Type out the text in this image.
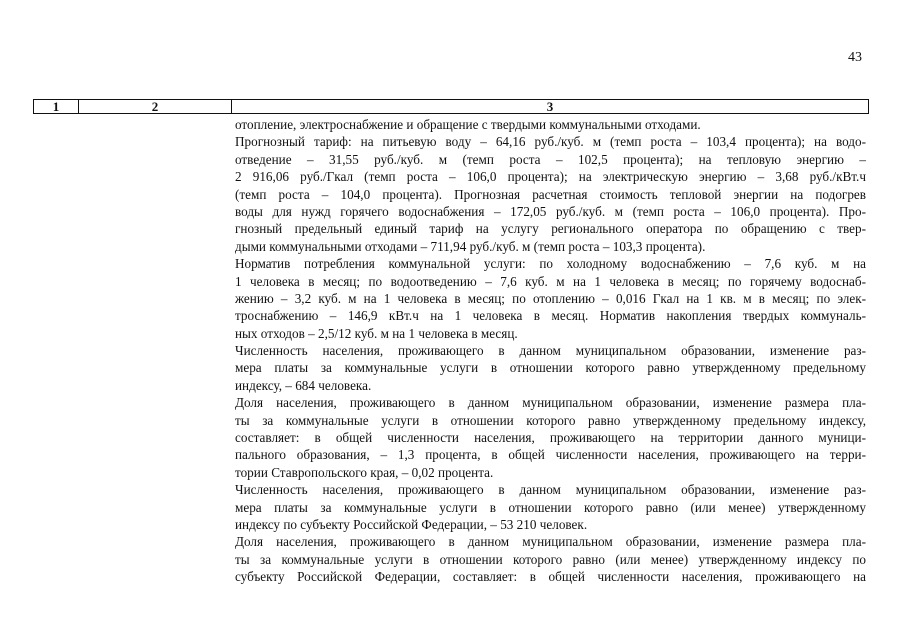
43
1	2	3
отопление, электроснабжение и обращение с твердыми коммунальными отходами.
Прогнозный тариф: на питьевую воду – 64,16 руб./куб. м (темп роста – 103,4 процента); на водо-
отведение – 31,55 руб./куб. м (темп роста – 102,5 процента); на тепловую энергию –
2 916,06 руб./Гкал (темп роста – 106,0 процента); на электрическую энергию – 3,68 руб./кВт.ч
(темп роста – 104,0 процента). Прогнозная расчетная стоимость тепловой энергии на подогрев
воды для нужд горячего водоснабжения – 172,05 руб./куб. м (темп роста – 106,0 процента). Про-
гнозный предельный единый тариф на услугу регионального оператора по обращению с твер-
дыми коммунальными отходами – 711,94 руб./куб. м (темп роста – 103,3 процента).
Норматив потребления коммунальной услуги: по холодному водоснабжению – 7,6 куб. м на
1 человека в месяц; по водоотведению – 7,6 куб. м на 1 человека в месяц; по горячему водоснаб-
жению – 3,2 куб. м на 1 человека в месяц; по отоплению – 0,016 Гкал на 1 кв. м в месяц; по элек-
троснабжению – 146,9 кВт.ч на 1 человека в месяц. Норматив накопления твердых коммуналь-
ных отходов – 2,5/12 куб. м на 1 человека в месяц.
Численность населения, проживающего в данном муниципальном образовании, изменение раз-
мера платы за коммунальные услуги в отношении которого равно утвержденному предельному
индексу, – 684 человека.
Доля населения, проживающего в данном муниципальном образовании, изменение размера пла-
ты за коммунальные услуги в отношении которого равно утвержденному предельному индексу,
составляет: в общей численности населения, проживающего на территории данного муници-
пального образования, – 1,3 процента, в общей численности населения, проживающего на терри-
тории Ставропольского края, – 0,02 процента.
Численность населения, проживающего в данном муниципальном образовании, изменение раз-
мера платы за коммунальные услуги в отношении которого равно (или менее) утвержденному
индексу по субъекту Российской Федерации, – 53 210 человек.
Доля населения, проживающего в данном муниципальном образовании, изменение размера пла-
ты за коммунальные услуги в отношении которого равно (или менее) утвержденному индексу по
субъекту Российской Федерации, составляет: в общей численности населения, проживающего на
